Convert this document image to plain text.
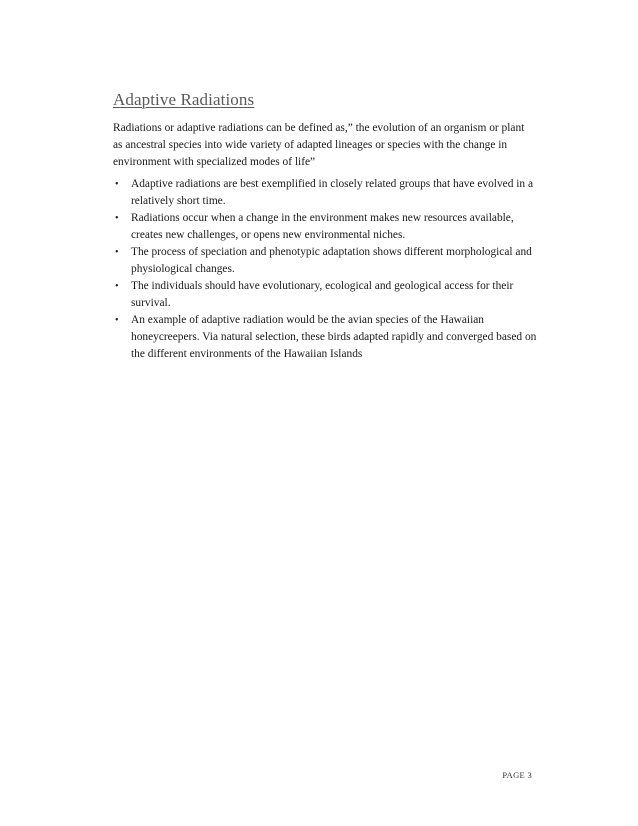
Adaptive Radiations

Radiations or adaptive radiations can be defined as,” the evolution of an organism or plant as ancestral species into wide variety of adapted lineages or species with the change in environment with specialized modes of life”

• Adaptive radiations are best exemplified in closely related groups that have evolved in a relatively short time.
• Radiations occur when a change in the environment makes new resources available, creates new challenges, or opens new environmental niches.
• The process of speciation and phenotypic adaptation shows different morphological and physiological changes.
• The individuals should have evolutionary, ecological and geological access for their survival.
• An example of adaptive radiation would be the avian species of the Hawaiian honeycreepers. Via natural selection, these birds adapted rapidly and converged based on the different environments of the Hawaiian Islands
PAGE 3
